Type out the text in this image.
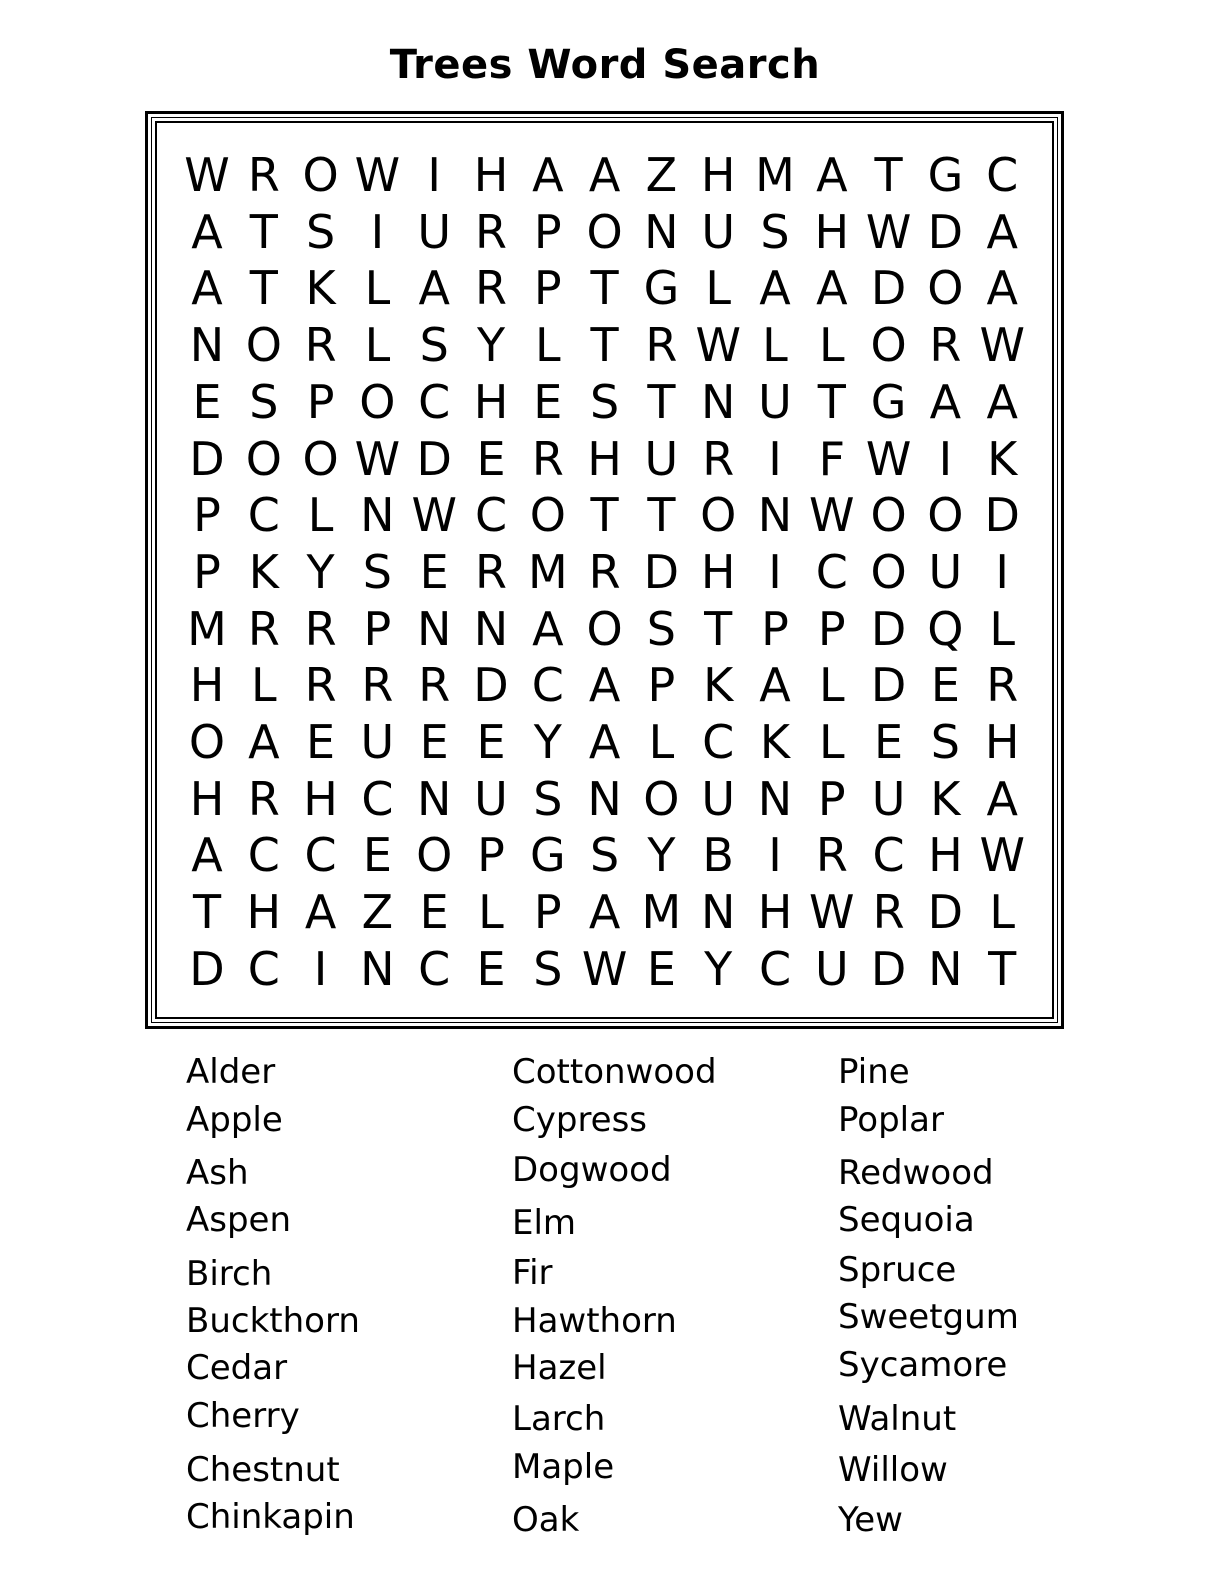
Trees Word Search
W R O W I H A A Z H M A T G C
A T S I U R P O N U S H W D A
A T K L A R P T G L A A D O A
N O R L S Y L T R W L L O R W
E S P O C H E S T N U T G A A
D O O W D E R H U R I F W I K
P C L N W C O T T O N W O O D
P K Y S E R M R D H I C O U I
M R R P N N A O S T P P D Q L
H L R R R D C A P K A L D E R
O A E U E E Y A L C K L E S H
H R H C N U S N O U N P U K A
A C C E O P G S Y B I R C H W
T H A Z E L P A M N H W R D L
D C I N C E S W E Y C U D N T
Alder
Apple
Ash
Aspen
Birch
Buckthorn
Cedar
Cherry
Chestnut
Chinkapin
Cottonwood
Cypress
Dogwood
Elm
Fir
Hawthorn
Hazel
Larch
Maple
Oak
Pine
Poplar
Redwood
Sequoia
Spruce
Sweetgum
Sycamore
Walnut
Willow
Yew
